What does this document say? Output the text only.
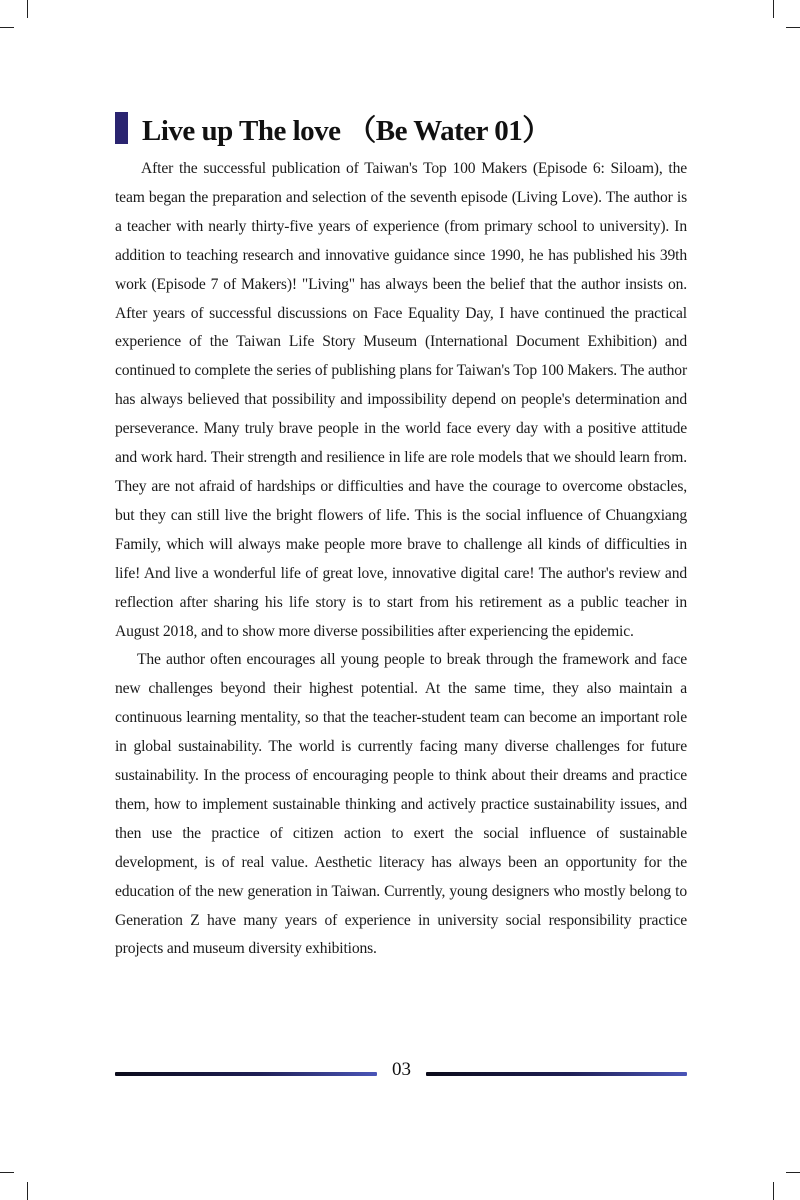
Live up The love （Be Water 01）

After the successful publication of Taiwan's Top 100 Makers (Episode 6: Siloam), the team began the preparation and selection of the seventh episode (Living Love). The author is a teacher with nearly thirty-five years of experience (from primary school to university). In addition to teaching research and innovative guidance since 1990, he has published his 39th work (Episode 7 of Makers)! "Living" has always been the belief that the author insists on. After years of successful discussions on Face Equality Day, I have continued the practical experience of the Taiwan Life Story Museum (International Document Exhibition) and continued to complete the series of publishing plans for Taiwan's Top 100 Makers. The author has always believed that possibility and impossibility depend on people's determination and perseverance. Many truly brave people in the world face every day with a positive attitude and work hard. Their strength and resilience in life are role models that we should learn from. They are not afraid of hardships or difficulties and have the courage to overcome obstacles, but they can still live the bright flowers of life. This is the social influence of Chuangxiang Family, which will always make people more brave to challenge all kinds of difficulties in life! And live a wonderful life of great love, innovative digital care! The author's review and reflection after sharing his life story is to start from his retirement as a public teacher in August 2018, and to show more diverse possibilities after experiencing the epidemic.

The author often encourages all young people to break through the framework and face new challenges beyond their highest potential. At the same time, they also maintain a continuous learning mentality, so that the teacher-student team can become an important role in global sustainability. The world is currently facing many diverse challenges for future sustainability. In the process of encouraging people to think about their dreams and practice them, how to implement sustainable thinking and actively practice sustainability issues, and then use the practice of citizen action to exert the social influence of sustainable development, is of real value. Aesthetic literacy has always been an opportunity for the education of the new generation in Taiwan. Currently, young designers who mostly belong to Generation Z have many years of experience in university social responsibility practice projects and museum diversity exhibitions.

03
